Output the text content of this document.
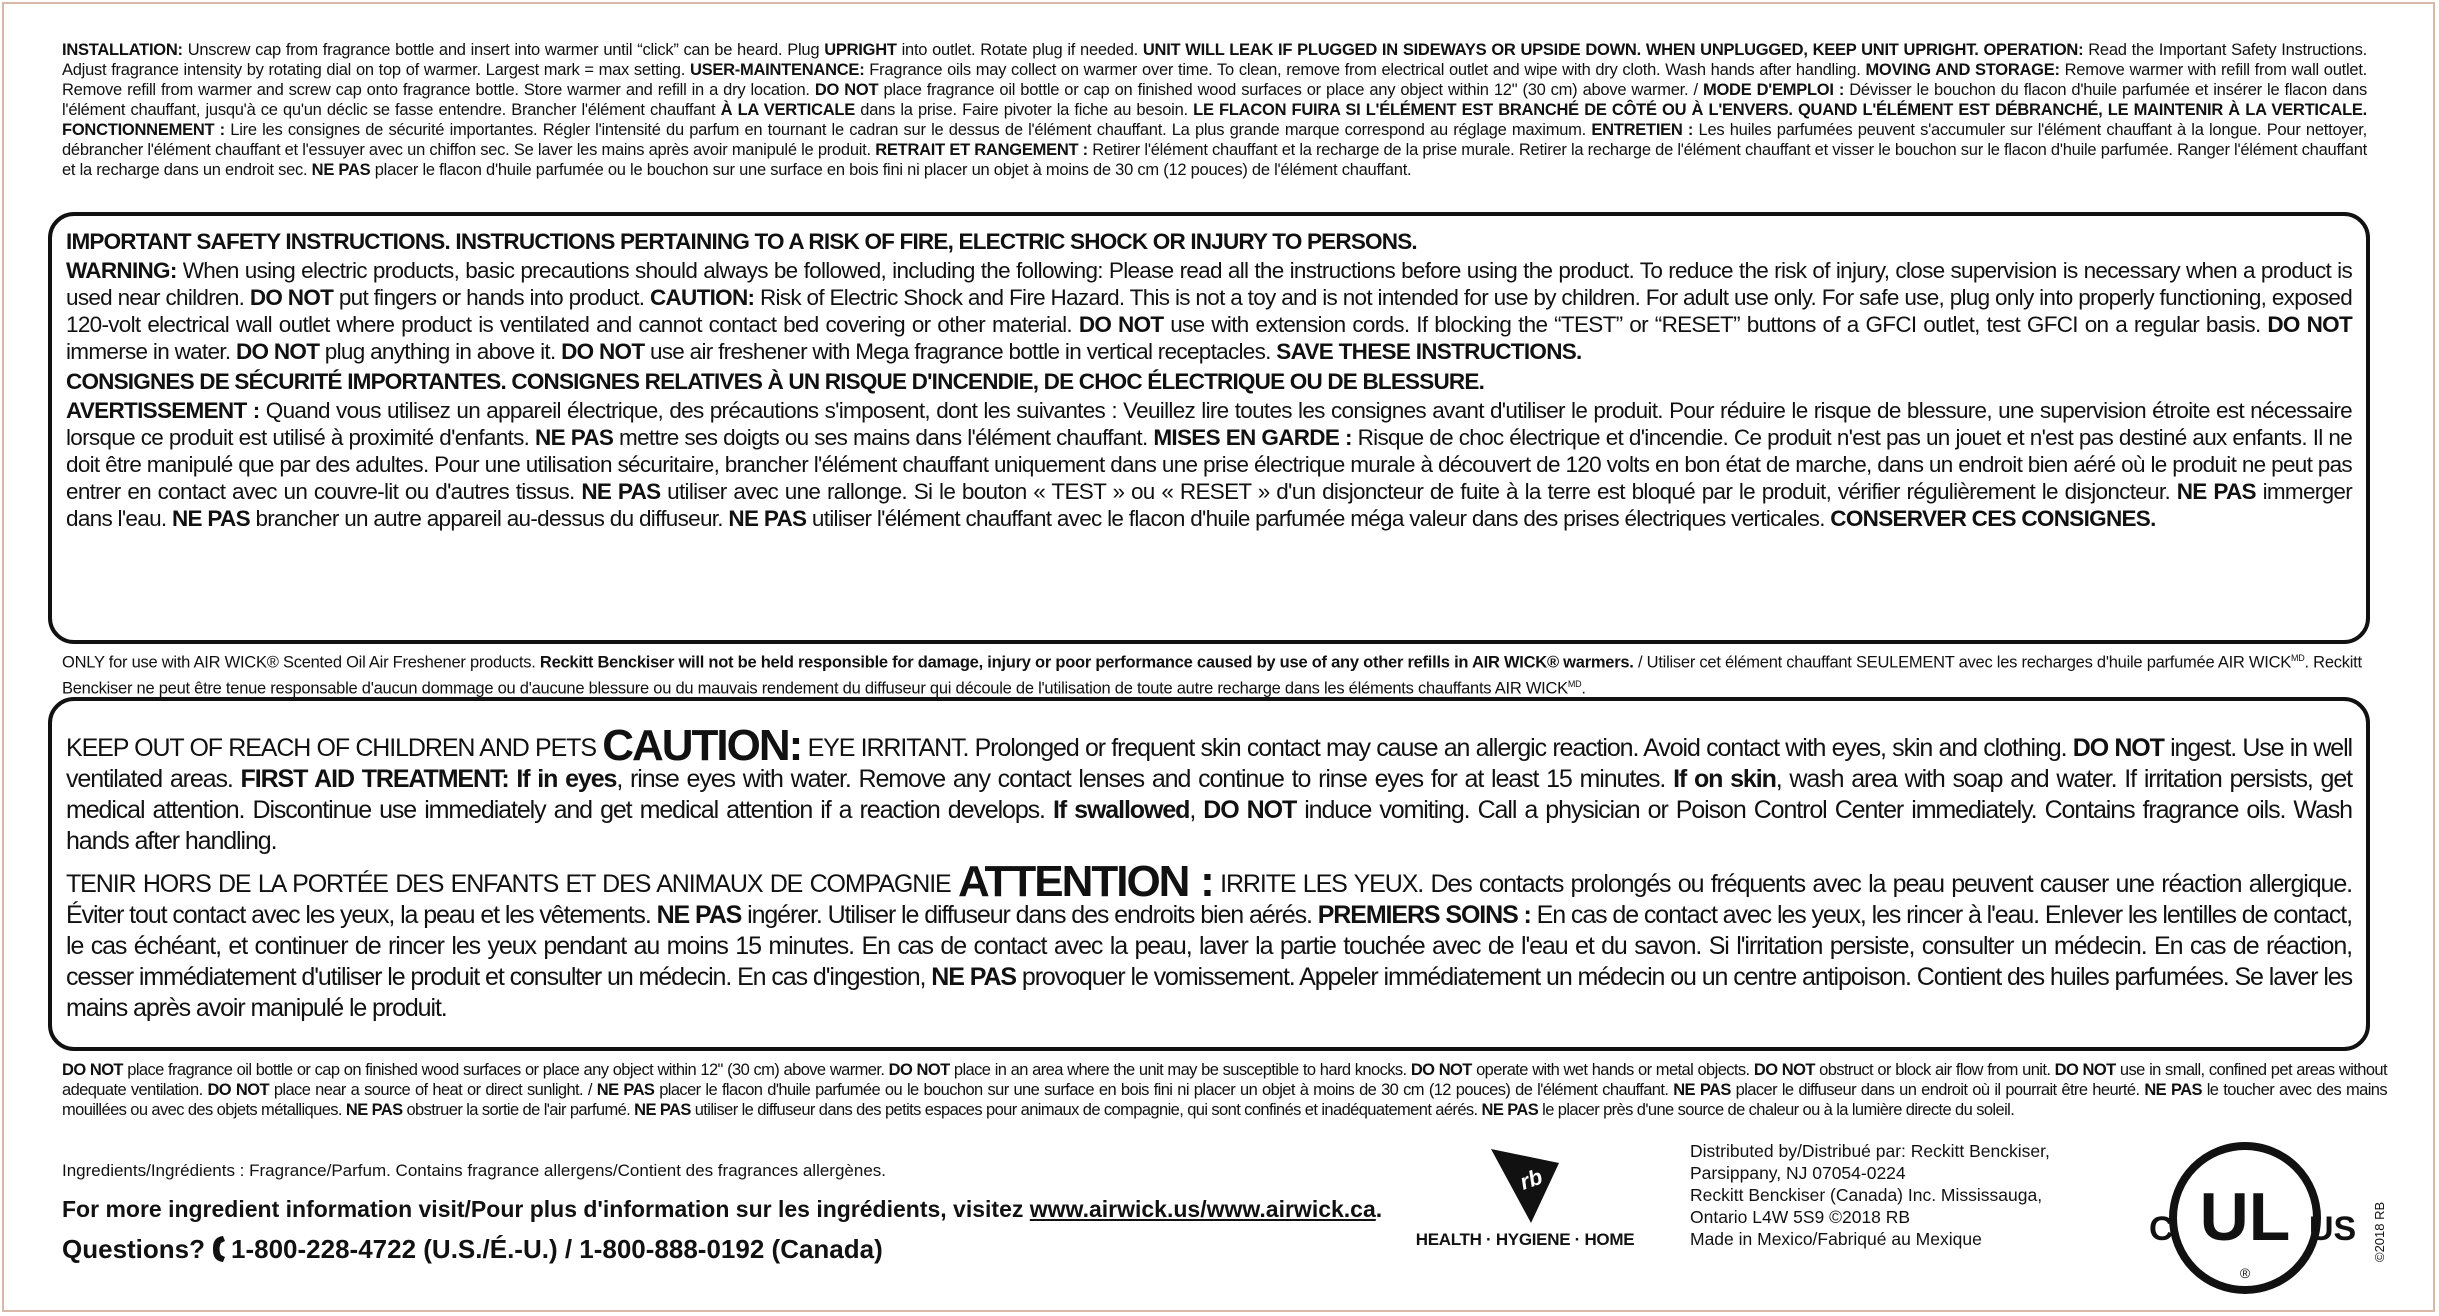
INSTALLATION: Unscrew cap from fragrance bottle and insert into warmer until “click” can be heard. Plug UPRIGHT into outlet. Rotate plug if needed. UNIT WILL LEAK IF PLUGGED IN SIDEWAYS OR UPSIDE DOWN. WHEN UNPLUGGED, KEEP UNIT UPRIGHT. OPERATION: Read the Important Safety Instructions. Adjust fragrance intensity by rotating dial on top of warmer. Largest mark = max setting. USER-MAINTENANCE: Fragrance oils may collect on warmer over time. To clean, remove from electrical outlet and wipe with dry cloth. Wash hands after handling. MOVING AND STORAGE: Remove warmer with refill from wall outlet. Remove refill from warmer and screw cap onto fragrance bottle. Store warmer and refill in a dry location. DO NOT place fragrance oil bottle or cap on finished wood surfaces or place any object within 12" (30 cm) above warmer. / MODE D'EMPLOI : Dévisser le bouchon du flacon d'huile parfumée et insérer le flacon dans l'élément chauffant, jusqu'à ce qu'un déclic se fasse entendre. Brancher l'élément chauffant À LA VERTICALE dans la prise. Faire pivoter la fiche au besoin. LE FLACON FUIRA SI L'ÉLÉMENT EST BRANCHÉ DE CÔTÉ OU À L'ENVERS. QUAND L'ÉLÉMENT EST DÉBRANCHÉ, LE MAINTENIR À LA VERTICALE. FONCTIONNEMENT : Lire les consignes de sécurité importantes. Régler l'intensité du parfum en tournant le cadran sur le dessus de l'élément chauffant. La plus grande marque correspond au réglage maximum. ENTRETIEN : Les huiles parfumées peuvent s'accumuler sur l'élément chauffant à la longue. Pour nettoyer, débrancher l'élément chauffant et l'essuyer avec un chiffon sec. Se laver les mains après avoir manipulé le produit. RETRAIT ET RANGEMENT : Retirer l'élément chauffant et la recharge de la prise murale. Retirer la recharge de l'élément chauffant et visser le bouchon sur le flacon d'huile parfumée. Ranger l'élément chauffant et la recharge dans un endroit sec. NE PAS placer le flacon d'huile parfumée ou le bouchon sur une surface en bois fini ni placer un objet à moins de 30 cm (12 pouces) de l'élément chauffant.

IMPORTANT SAFETY INSTRUCTIONS. INSTRUCTIONS PERTAINING TO A RISK OF FIRE, ELECTRIC SHOCK OR INJURY TO PERSONS.

WARNING: When using electric products, basic precautions should always be followed, including the following: Please read all the instructions before using the product. To reduce the risk of injury, close supervision is necessary when a product is used near children. DO NOT put fingers or hands into product. CAUTION: Risk of Electric Shock and Fire Hazard. This is not a toy and is not intended for use by children. For adult use only. For safe use, plug only into properly functioning, exposed 120-volt electrical wall outlet where product is ventilated and cannot contact bed covering or other material. DO NOT use with extension cords. If blocking the “TEST” or “RESET” buttons of a GFCI outlet, test GFCI on a regular basis. DO NOT immerse in water. DO NOT plug anything in above it. DO NOT use air freshener with Mega fragrance bottle in vertical receptacles. SAVE THESE INSTRUCTIONS.

CONSIGNES DE SÉCURITÉ IMPORTANTES. CONSIGNES RELATIVES À UN RISQUE D'INCENDIE, DE CHOC ÉLECTRIQUE OU DE BLESSURE.

AVERTISSEMENT : Quand vous utilisez un appareil électrique, des précautions s'imposent, dont les suivantes : Veuillez lire toutes les consignes avant d'utiliser le produit. Pour réduire le risque de blessure, une supervision étroite est nécessaire lorsque ce produit est utilisé à proximité d'enfants. NE PAS mettre ses doigts ou ses mains dans l'élément chauffant. MISES EN GARDE : Risque de choc électrique et d'incendie. Ce produit n'est pas un jouet et n'est pas destiné aux enfants. Il ne doit être manipulé que par des adultes. Pour une utilisation sécuritaire, brancher l'élément chauffant uniquement dans une prise électrique murale à découvert de 120 volts en bon état de marche, dans un endroit bien aéré où le produit ne peut pas entrer en contact avec un couvre-lit ou d'autres tissus. NE PAS utiliser avec une rallonge. Si le bouton « TEST » ou « RESET » d'un disjoncteur de fuite à la terre est bloqué par le produit, vérifier régulièrement le disjoncteur. NE PAS immerger dans l'eau. NE PAS brancher un autre appareil au-dessus du diffuseur. NE PAS utiliser l'élément chauffant avec le flacon d'huile parfumée méga valeur dans des prises électriques verticales. CONSERVER CES CONSIGNES.

ONLY for use with AIR WICK® Scented Oil Air Freshener products. Reckitt Benckiser will not be held responsible for damage, injury or poor performance caused by use of any other refills in AIR WICK® warmers. / Utiliser cet élément chauffant SEULEMENT avec les recharges d'huile parfumée AIR $WICK^{MD}$. Reckitt Benckiser ne peut être tenue responsable d'aucun dommage ou d'aucune blessure ou du mauvais rendement du diffuseur qui découle de l'utilisation de toute autre recharge dans les éléments chauffants AIR $WICK^{MD}$.

KEEP OUT OF REACH OF CHILDREN AND PETS CAUTION: EYE IRRITANT. Prolonged or frequent skin contact may cause an allergic reaction. Avoid contact with eyes, skin and clothing. DO NOT ingest. Use in well ventilated areas. FIRST AID TREATMENT: If in eyes, rinse eyes with water. Remove any contact lenses and continue to rinse eyes for at least 15 minutes. If on skin, wash area with soap and water. If irritation persists, get medical attention. Discontinue use immediately and get medical attention if a reaction develops. If swallowed, DO NOT induce vomiting. Call a physician or Poison Control Center immediately. Contains fragrance oils. Wash hands after handling.

TENIR HORS DE LA PORTÉE DES ENFANTS ET DES ANIMAUX DE COMPAGNIE ATTENTION : IRRITE LES YEUX. Des contacts prolongés ou fréquents avec la peau peuvent causer une réaction allergique. Éviter tout contact avec les yeux, la peau et les vêtements. NE PAS ingérer. Utiliser le diffuseur dans des endroits bien aérés. PREMIERS SOINS : En cas de contact avec les yeux, les rincer à l'eau. Enlever les lentilles de contact, le cas échéant, et continuer de rincer les yeux pendant au moins 15 minutes. En cas de contact avec la peau, laver la partie touchée avec de l'eau et du savon. Si l'irritation persiste, consulter un médecin. En cas de réaction, cesser immédiatement d'utiliser le produit et consulter un médecin. En cas d'ingestion, NE PAS provoquer le vomissement. Appeler immédiatement un médecin ou un centre antipoison. Contient des huiles parfumées. Se laver les mains après avoir manipulé le produit.

DO NOT place fragrance oil bottle or cap on finished wood surfaces or place any object within 12" (30 cm) above warmer. DO NOT place in an area where the unit may be susceptible to hard knocks. DO NOT operate with wet hands or metal objects. DO NOT obstruct or block air flow from unit. DO NOT use in small, confined pet areas without adequate ventilation. DO NOT place near a source of heat or direct sunlight. / NE PAS placer le flacon d'huile parfumée ou le bouchon sur une surface en bois fini ni placer un objet à moins de 30 cm (12 pouces) de l'élément chauffant. NE PAS placer le diffuseur dans un endroit où il pourrait être heurté. NE PAS le toucher avec des mains mouillées ou avec des objets métalliques. NE PAS obstruer la sortie de l'air parfumé. NE PAS utiliser le diffuseur dans des petits espaces pour animaux de compagnie, qui sont confinés et inadéquatement aérés. NE PAS le placer près d'une source de chaleur ou à la lumière directe du soleil.
Ingredients/Ingrédients : Fragrance/Parfum. Contains fragrance allergens/Contient des fragrances allergènes.
For more ingredient information visit/Pour plus d'information sur les ingrédients, visitez www.airwick.us/www.airwick.ca.
Questions? 1-800-228-4722 (U.S./É.-U.) / 1-800-888-0192 (Canada)
rb
HEALTH · HYGIENE · HOME
Distributed by/Distribué par: Reckitt Benckiser,
Parsippany, NJ 07054-0224
Reckitt Benckiser (Canada) Inc. Mississauga,
Ontario L4W 5S9 ©2018 RB
Made in Mexico/Fabriqué au Mexique	UL
®
C	US ©2018 RB
